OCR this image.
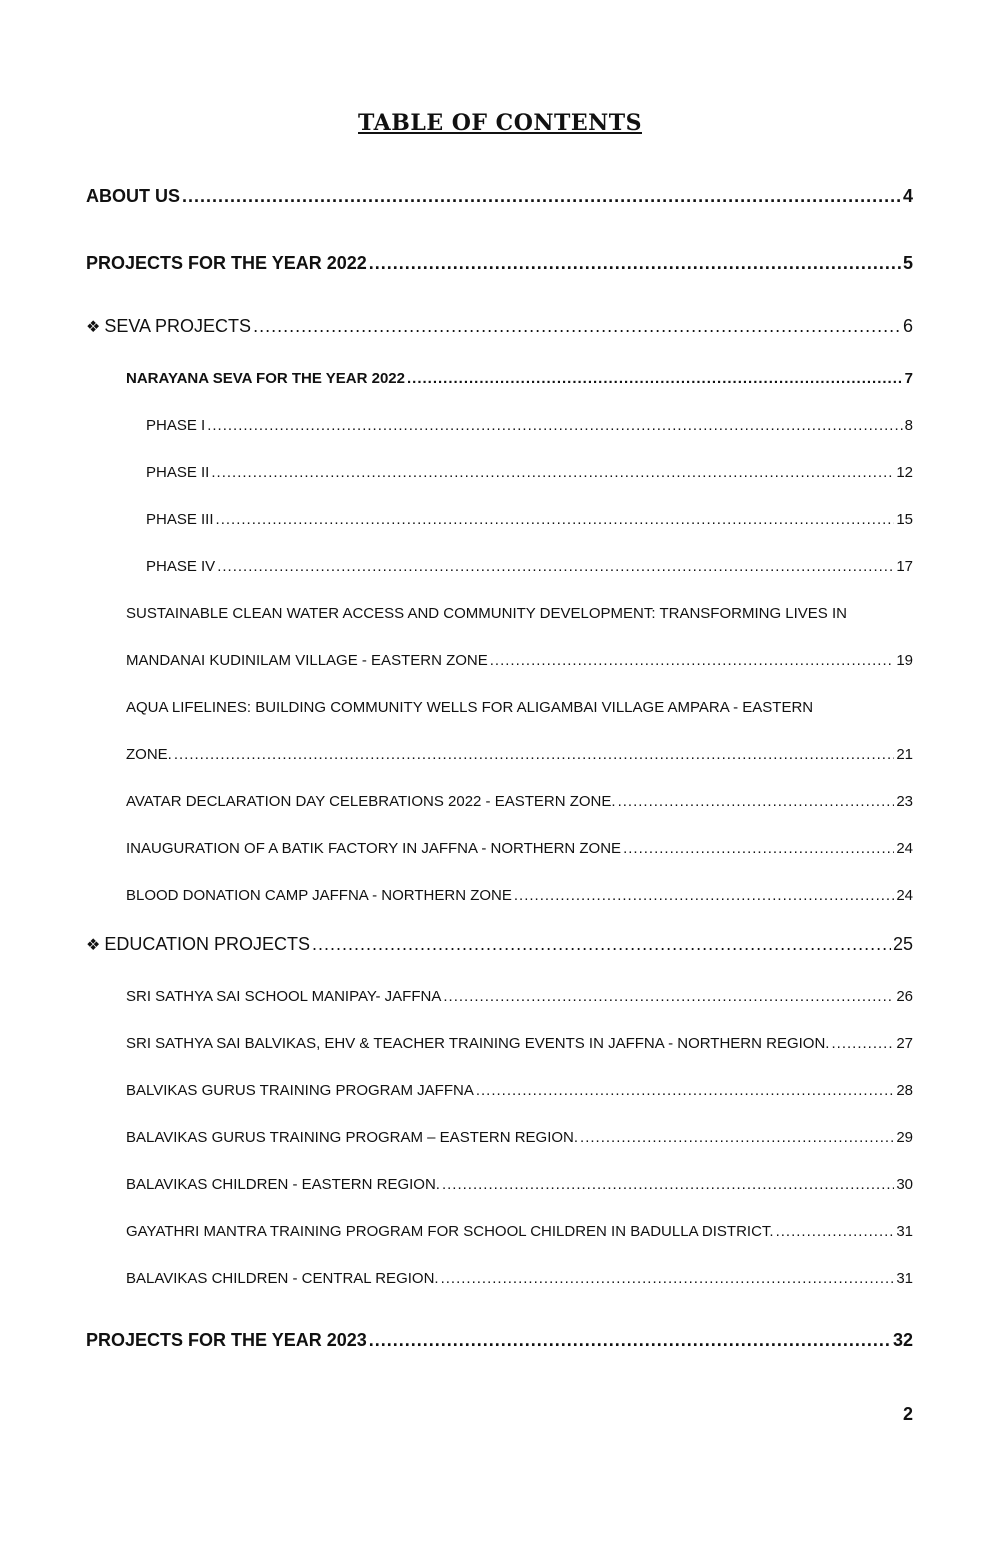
TABLE OF CONTENTS
ABOUT US .....	4
PROJECTS FOR THE YEAR 2022 .....	5
❖ SEVA PROJECTS .....	6
NARAYANA SEVA FOR THE YEAR 2022 .....	7
PHASE I .....	8
PHASE II .....	12
PHASE III .....	15
PHASE IV .....	17
SUSTAINABLE CLEAN WATER ACCESS AND COMMUNITY DEVELOPMENT: TRANSFORMING LIVES IN
MANDANAI KUDINILAM VILLAGE - EASTERN ZONE .....	19
AQUA LIFELINES: BUILDING COMMUNITY WELLS FOR ALIGAMBAI VILLAGE AMPARA - EASTERN
ZONE. .....	21
AVATAR DECLARATION DAY CELEBRATIONS 2022 - EASTERN ZONE. .....	23
INAUGURATION OF A BATIK FACTORY IN JAFFNA - NORTHERN ZONE .....	24
BLOOD DONATION CAMP JAFFNA - NORTHERN ZONE .....	24
❖ EDUCATION PROJECTS .....	25
SRI SATHYA SAI SCHOOL MANIPAY- JAFFNA .....	26
SRI SATHYA SAI BALVIKAS, EHV & TEACHER TRAINING EVENTS IN JAFFNA - NORTHERN REGION. .....	27
BALVIKAS GURUS TRAINING PROGRAM JAFFNA .....	28
BALAVIKAS GURUS TRAINING PROGRAM – EASTERN REGION. .....	29
BALAVIKAS CHILDREN - EASTERN REGION. .....	30
GAYATHRI MANTRA TRAINING PROGRAM FOR SCHOOL CHILDREN IN BADULLA DISTRICT. .....	31
BALAVIKAS CHILDREN - CENTRAL REGION. .....	31
PROJECTS FOR THE YEAR 2023 .....	32
2
